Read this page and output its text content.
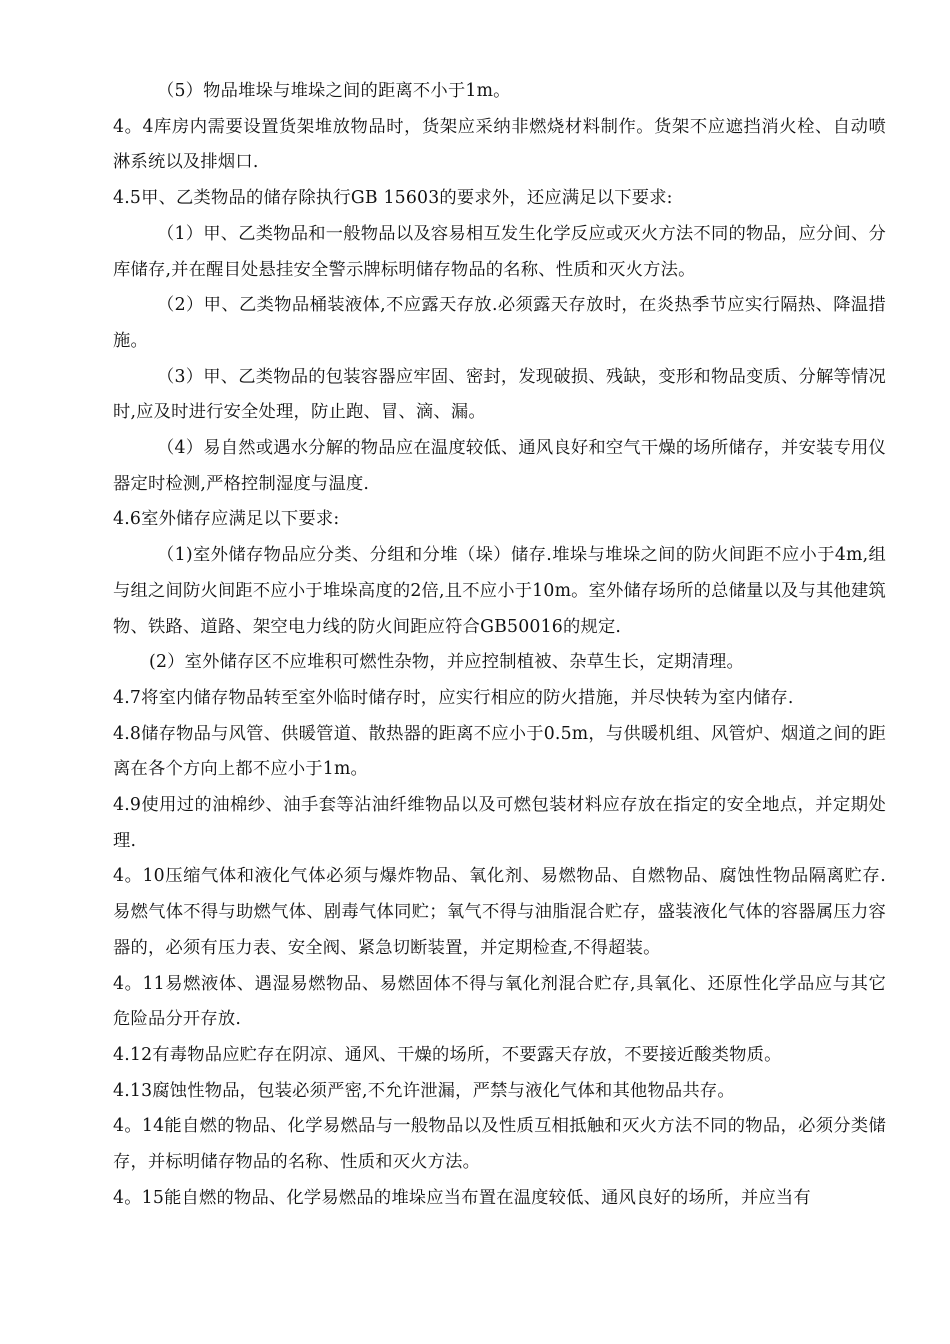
（5）物品堆垛与堆垛之间的距离不小于1m。

4。4库房内需要设置货架堆放物品时，货架应采纳非燃烧材料制作。货架不应遮挡消火栓、自动喷淋系统以及排烟口.

4.5甲、乙类物品的储存除执行GB 15603的要求外，还应满足以下要求:

（1）甲、乙类物品和一般物品以及容易相互发生化学反应或灭火方法不同的物品，应分间、分库储存,并在醒目处悬挂安全警示牌标明储存物品的名称、性质和灭火方法。

（2）甲、乙类物品桶装液体,不应露天存放.必须露天存放时，在炎热季节应实行隔热、降温措施。

（3）甲、乙类物品的包装容器应牢固、密封，发现破损、残缺，变形和物品变质、分解等情况时,应及时进行安全处理，防止跑、冒、滴、漏。

（4）易自然或遇水分解的物品应在温度较低、通风良好和空气干燥的场所储存，并安装专用仪器定时检测,严格控制湿度与温度.

4.6室外储存应满足以下要求:

（1)室外储存物品应分类、分组和分堆（垛）储存.堆垛与堆垛之间的防火间距不应小于4m,组与组之间防火间距不应小于堆垛高度的2倍,且不应小于10m。室外储存场所的总储量以及与其他建筑物、铁路、道路、架空电力线的防火间距应符合GB50016的规定.

(2）室外储存区不应堆积可燃性杂物，并应控制植被、杂草生长，定期清理。

4.7将室内储存物品转至室外临时储存时，应实行相应的防火措施，并尽快转为室内储存.

4.8储存物品与风管、供暖管道、散热器的距离不应小于0.5m，与供暖机组、风管炉、烟道之间的距离在各个方向上都不应小于1m。

4.9使用过的油棉纱、油手套等沾油纤维物品以及可燃包装材料应存放在指定的安全地点，并定期处理.

4。10压缩气体和液化气体必须与爆炸物品、氧化剂、易燃物品、自燃物品、腐蚀性物品隔离贮存.易燃气体不得与助燃气体、剧毒气体同贮；氧气不得与油脂混合贮存，盛装液化气体的容器属压力容器的，必须有压力表、安全阀、紧急切断装置，并定期检查,不得超装。

4。11易燃液体、遇湿易燃物品、易燃固体不得与氧化剂混合贮存,具氧化、还原性化学品应与其它危险品分开存放.

4.12有毒物品应贮存在阴凉、通风、干燥的场所，不要露天存放，不要接近酸类物质。

4.13腐蚀性物品，包装必须严密,不允许泄漏，严禁与液化气体和其他物品共存。

4。14能自燃的物品、化学易燃品与一般物品以及性质互相抵触和灭火方法不同的物品，必须分类储存，并标明储存物品的名称、性质和灭火方法。

4。15能自燃的物品、化学易燃品的堆垛应当布置在温度较低、通风良好的场所，并应当有
